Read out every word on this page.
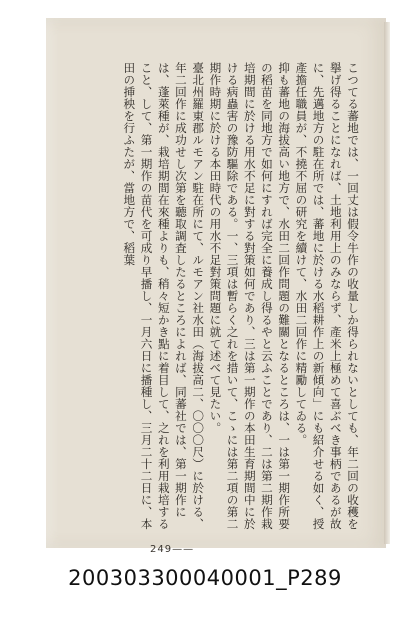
こつてる蕃地では、一回丈は假令牛作の收量しか得られないとしても、年二回の收穫を擧げ得ることになれば、土地利用上のみならず、產米上極めて喜ぶべき事柄であるが故に、先邁地方の駐在所では、蕃地に於ける水稻耕作上の新傾向」にも紹介せる如く、授產擔任職員が、不撓不屈の研究を續けて、水田二回作に精勵してゐる。

抑も蕃地の海拔高い地方で、水田二回作問題の難關となるところは、一は第一期作所要の稻苗を同地方で如何にすれば完全に養成し得るやと云ふことであり、二は第二期作栽培期間に於ける用水不足に對する對策如何であり、三は第一期作の本田生育期間中に於ける病蟲害の豫防驅除である。一、三項は暫らく之れを措いて、こゝには第二項の第二期作時期に於ける本田時代の用水不足對策問題に就て述べて見たい。

臺北州羅東郡ルモアン駐在所にて、ルモアン社水田（海拔高二、〇〇〇尺）に於ける、年二回作に成功せし次第を聽取調査したるところによれば、同蕃社では、第一期作には、蓬萊種が、栽培期間在來種よりも、稍々短かき點に着目して、之れを利用栽培すること、して、第一期作の苗代を可成り早播し、一月六日に播種し、三月二十二日に、本田の挿秧を行ふたが、當地方で、稻葉

249——
200303300040001_P289
